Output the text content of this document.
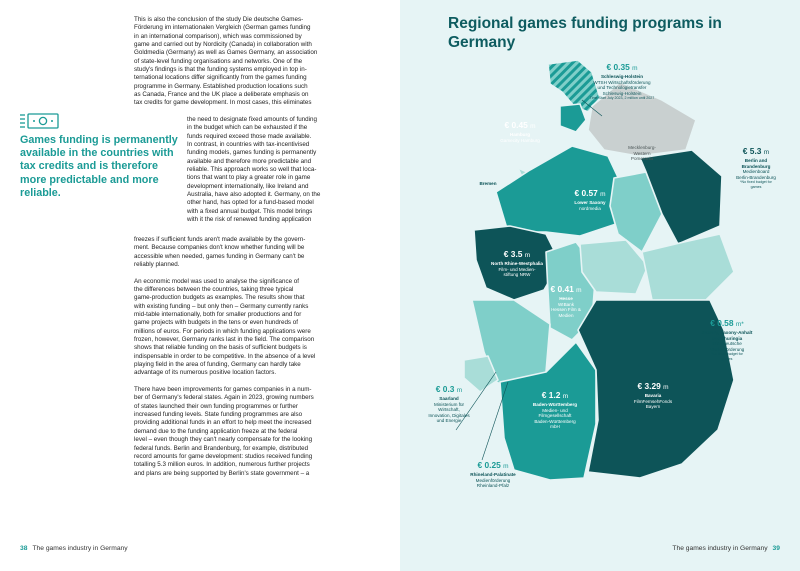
This is also the conclusion of the study Die deutsche Games-

Förderung im internationalen Vergleich (German games funding

in an international comparison), which was commissioned by

game and carried out by Nordicity (Canada) in collaboration with

Goldmedia (Germany) as well as Games Germany, an association

of state-level funding organisations and networks. One of the

study's findings is that the funding systems employed in top in-

ternational locations differ significantly from the games funding

programme in Germany. Established production locations such

as Canada, France and the UK place a deliberate emphasis on

tax credits for game development. In most cases, this eliminates

Games funding is permanently available in the countries with tax credits and is therefore more predictable and more reliable.

the need to designate fixed amounts of funding

in the budget which can be exhausted if the

funds required exceed those made available.

In contrast, in countries with tax-incentivised

funding models, games funding is permanently

available and therefore more predictable and

reliable. This approach works so well that loca-

tions that want to play a greater role in game

development internationally, like Ireland and

Australia, have also adopted it. Germany, on the

other hand, has opted for a fund-based model

with a fixed annual budget. This model brings

with it the risk of renewed funding application

freezes if sufficient funds aren't made available by the govern-

ment. Because companies don't know whether funding will be

accessible when needed, games funding in Germany can't be

reliably planned.

An economic model was used to analyse the significance of

the differences between the countries, taking three typical

game-production budgets as examples. The results show that

with existing funding – but only then – Germany currently ranks

mid-table internationally, both for smaller productions and for

game projects with budgets in the tens or even hundreds of

millions of euros. For periods in which funding applications were

frozen, however, Germany ranks last in the field. The comparison

shows that reliable funding on the basis of sufficient budgets is

indispensable in order to be competitive. In the absence of a level

playing field in the area of funding, Germany can hardly take

advantage of its numerous positive location factors.

There have been improvements for games companies in a num-

ber of Germany's federal states. Again in 2023, growing numbers

of states launched their own funding programmes or further

increased funding levels. State funding programmes are also

providing additional funds in an effort to help meet the increased

demand due to the funding application freeze at the federal

level – even though they can't nearly compensate for the looking

federal funds. Berlin and Brandenburg, for example, distributed

record amounts for game development: studios received funding

totalling 5.3 million euros. In addition, numerous further projects

and plans are being supported by Berlin's state government – a

38 The games industry in Germany
Regional games funding programs in Germany
€ 0.35 m
Schleswig-Holstein
WTSH Wirtschaftsförderung
und Technologietransfer
Schleswig-Holstein
Time Start July 2023, 2 million until 2027
€ 0.45 m
Hamburg
Gamecity Hamburg
Mecklenburg-
Western
Pomerania
Bremen
€ 5.3 m
Berlin and
Brandenburg
Medienboard
Berlin-Brandenburg
*No fixed budget for
games
€ 0.57 m
Lower Saxony
nordmedia
€ 3.5 m
North Rhine-Westphalia
Film- und Medien-
stiftung NRW
€ 0.41 m
Hesse
WIBank
Hessen Film &
Medien
€ 0.58 m*
Saxony, Saxony-Anhalt
and Thuringia
Mitteldeutsche
Medienförderung
*No fixed budget for
games
€ 0.3 m
Saarland
Ministerium für
Wirtschaft,
Innovation, Digitales
und Energie
€ 3.29 m
Bavaria
FilmFernsehFonds
Bayern
€ 1.2 m
Baden-Württemberg
Medien- und
Filmgesellschaft
Baden-Württemberg
mbH
€ 0.25 m
Rhineland-Palatinate
Medienförderung
Rheinland-Pfalz
The games industry in Germany 39
